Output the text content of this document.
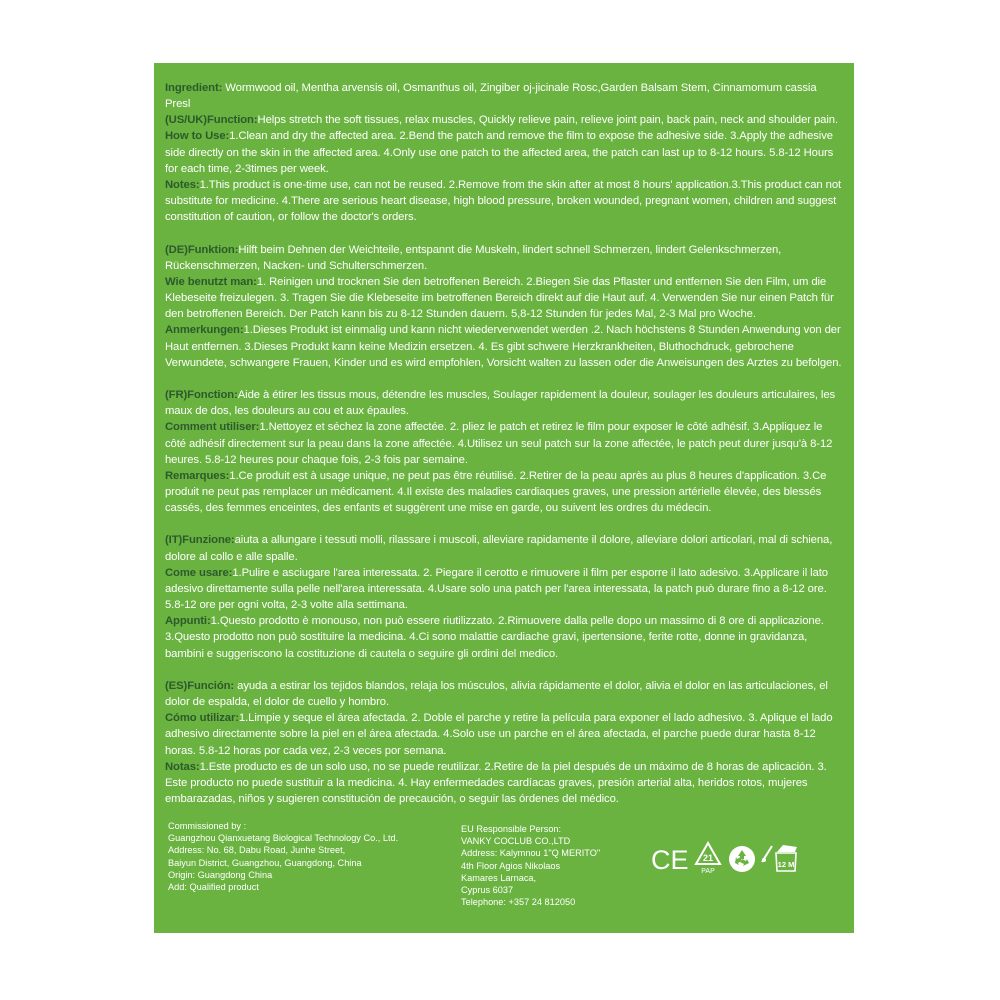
Ingredient: Wormwood oil, Mentha arvensis oil, Osmanthus oil, Zingiber oj-jicinale Rosc,Garden Balsam Stem, Cinnamomum cassia Presl

(US/UK)Function:Helps stretch the soft tissues, relax muscles, Quickly relieve pain, relieve joint pain, back pain, neck and shoulder pain.

How to Use:1.Clean and dry the affected area. 2.Bend the patch and remove the film to expose the adhesive side. 3.Apply the adhesive side directly on the skin in the affected area. 4.Only use one patch to the affected area, the patch can last up to 8-12 hours. 5.8-12 Hours for each time, 2-3times per week.

Notes:1.This product is one-time use, can not be reused. 2.Remove from the skin after at most 8 hours' application.3.This product can not substitute for medicine. 4.There are serious heart disease, high blood pressure, broken wounded, pregnant women, children and suggest constitution of caution, or follow the doctor's orders.

(DE)Funktion:Hilft beim Dehnen der Weichteile, entspannt die Muskeln, lindert schnell Schmerzen, lindert Gelenkschmerzen, Rückenschmerzen, Nacken- und Schulterschmerzen.

Wie benutzt man:1. Reinigen und trocknen Sie den betroffenen Bereich. 2.Biegen Sie das Pflaster und entfernen Sie den Film, um die Klebeseite freizulegen. 3. Tragen Sie die Klebeseite im betroffenen Bereich direkt auf die Haut auf. 4. Verwenden Sie nur einen Patch für den betroffenen Bereich. Der Patch kann bis zu 8-12 Stunden dauern. 5,8-12 Stunden für jedes Mal, 2-3 Mal pro Woche.

Anmerkungen:1.Dieses Produkt ist einmalig und kann nicht wiederverwendet werden .2. Nach höchstens 8 Stunden Anwendung von der Haut entfernen. 3.Dieses Produkt kann keine Medizin ersetzen. 4. Es gibt schwere Herzkrankheiten, Bluthochdruck, gebrochene Verwundete, schwangere Frauen, Kinder und es wird empfohlen, Vorsicht walten zu lassen oder die Anweisungen des Arztes zu befolgen.

(FR)Fonction:Aide à étirer les tissus mous, détendre les muscles, Soulager rapidement la douleur, soulager les douleurs articulaires, les maux de dos, les douleurs au cou et aux épaules.

Comment utiliser:1.Nettoyez et séchez la zone affectée. 2. pliez le patch et retirez le film pour exposer le côté adhésif. 3.Appliquez le côté adhésif directement sur la peau dans la zone affectée. 4.Utilisez un seul patch sur la zone affectée, le patch peut durer jusqu'à 8-12 heures. 5.8-12 heures pour chaque fois, 2-3 fois par semaine.

Remarques:1.Ce produit est à usage unique, ne peut pas être réutilisé. 2.Retirer de la peau après au plus 8 heures d'application. 3.Ce produit ne peut pas remplacer un médicament. 4.Il existe des maladies cardiaques graves, une pression artérielle élevée, des blessés cassés, des femmes enceintes, des enfants et suggèrent une mise en garde, ou suivent les ordres du médecin.

(IT)Funzione:aiuta a allungare i tessuti molli, rilassare i muscoli, alleviare rapidamente il dolore, alleviare dolori articolari, mal di schiena, dolore al collo e alle spalle.

Come usare:1.Pulire e asciugare l'area interessata. 2. Piegare il cerotto e rimuovere il film per esporre il lato adesivo. 3.Applicare il lato adesivo direttamente sulla pelle nell'area interessata. 4.Usare solo una patch per l'area interessata, la patch può durare fino a 8-12 ore. 5.8-12 ore per ogni volta, 2-3 volte alla settimana.

Appunti:1.Questo prodotto è monouso, non può essere riutilizzato. 2.Rimuovere dalla pelle dopo un massimo di 8 ore di applicazione. 3.Questo prodotto non può sostituire la medicina. 4.Ci sono malattie cardiache gravi, ipertensione, ferite rotte, donne in gravidanza, bambini e suggeriscono la costituzione di cautela o seguire gli ordini del medico.

(ES)Función: ayuda a estirar los tejidos blandos, relaja los músculos, alivia rápidamente el dolor, alivia el dolor en las articulaciones, el dolor de espalda, el dolor de cuello y hombro.

Cómo utilizar:1.Limpie y seque el área afectada. 2. Doble el parche y retire la película para exponer el lado adhesivo. 3. Aplique el lado adhesivo directamente sobre la piel en el área afectada. 4.Solo use un parche en el área afectada, el parche puede durar hasta 8-12 horas. 5.8-12 horas por cada vez, 2-3 veces por semana.

Notas:1.Este producto es de un solo uso, no se puede reutilizar. 2.Retire de la piel después de un máximo de 8 horas de aplicación. 3. Este producto no puede sustituir a la medicina. 4. Hay enfermedades cardíacas graves, presión arterial alta, heridos rotos, mujeres embarazadas, niños y sugieren constitución de precaución, o seguir las órdenes del médico.

Commissioned by :
Guangzhou Qianxuetang Biological Technology Co., Ltd.
Address: No. 68, Dabu Road, Junhe Street,
Baiyun District, Guangzhou, Guangdong, China
Origin: Guangdong China
Add: Qualified product
EU Responsible Person:
VANKY COCLUB CO.,LTD
Address: Kalymnou 1"Q MERITO"
4th Floor Agios Nikolaos
Kamares Larnaca,
Cyprus 6037
Telephone: +357 24 812050
CE 21
PAP
12 M
